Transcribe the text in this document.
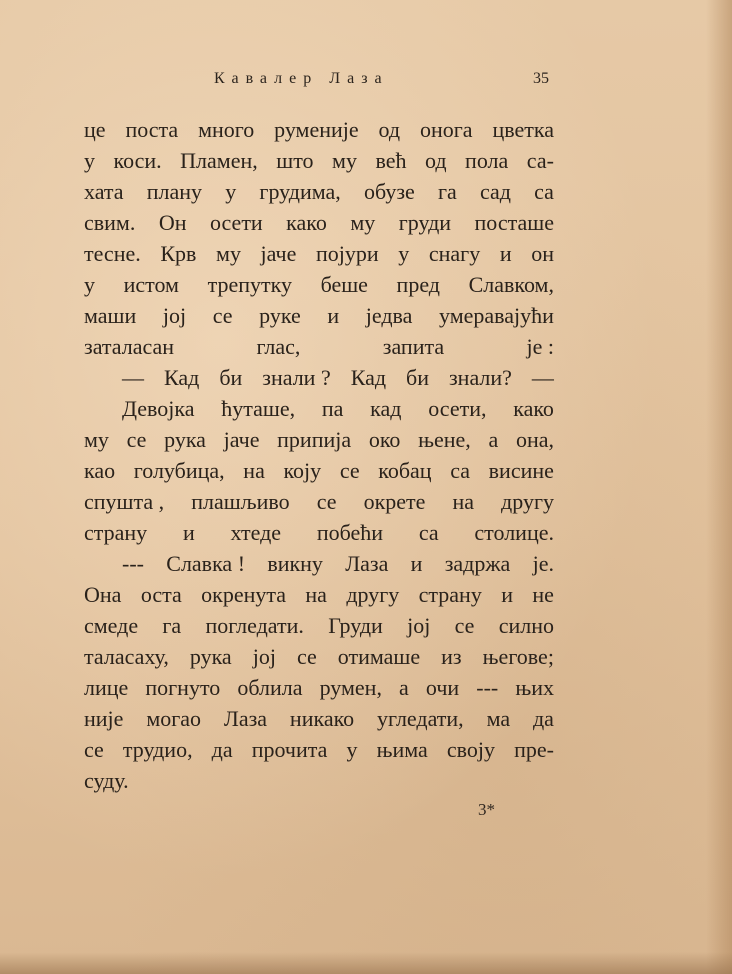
Кавалер Лаза	35
це поста много руменије од онога цветка
у коси. Пламен, што му већ од пола са-
хата плану у грудима, обузе га сад са
свим. Он осети како му груди посташе
тесне. Крв му јаче појури у снагу и он
у истом трепутку беше пред Славком,
маши јој се руке и једва умеравајући
заталасан	глас,	запита	је :
— Кад би знали ? Кад би знали? —
Девојка ћуташе, па кад осети, како
му се рука јаче припија око њене, а она,
као голубица, на коју се кобац са висине
спушта , плашљиво се окрете на другу
страну и хтеде побећи са столице.
--- Славка ! викну Лаза и задржа је.
Она оста окренута на другу страну и не
смеде га погледати. Груди јој се силно
таласаху, рука јој се отимаше из његове;
лице погнуто облила румен, а очи --- њих
није могао Лаза никако угледати, ма да
се трудио, да прочита у њима своју пре-
суду.
3*
